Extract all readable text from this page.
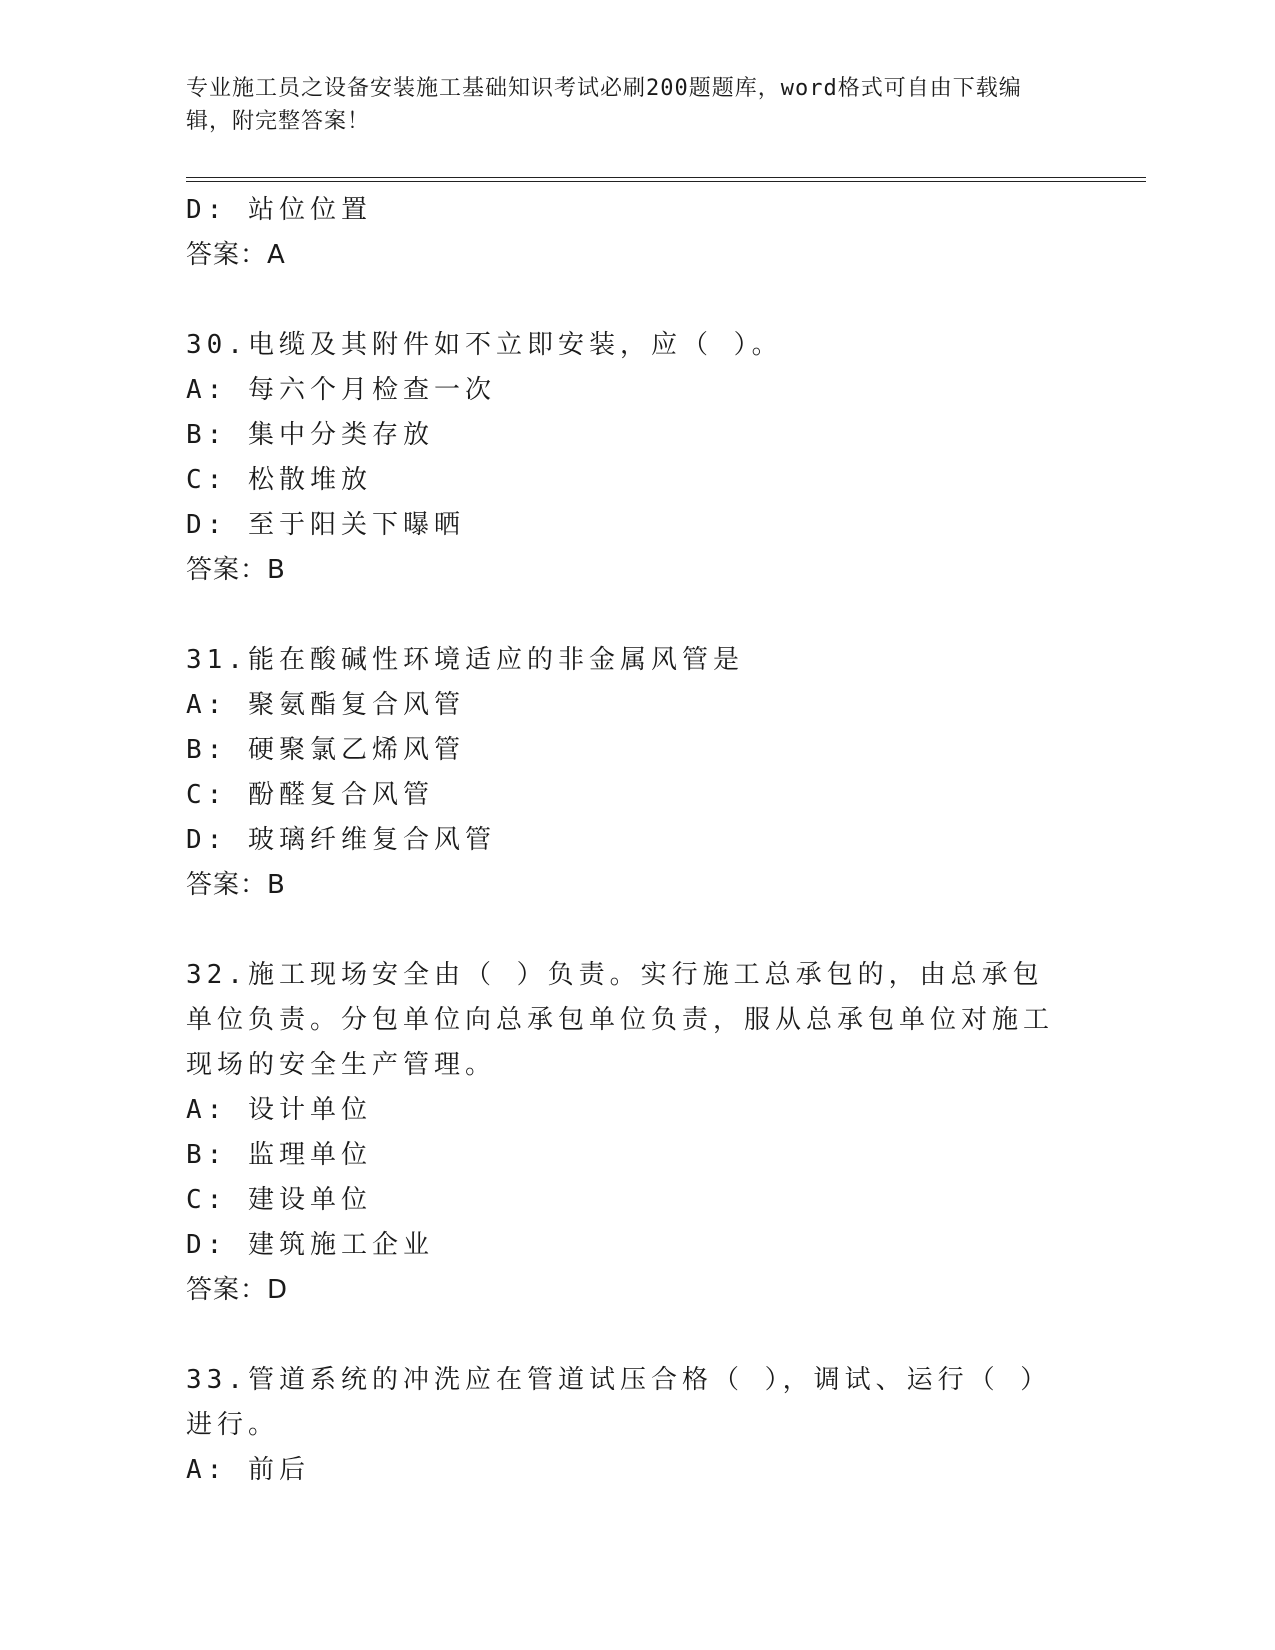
专业施工员之设备安装施工基础知识考试必刷200题题库，word格式可自由下载编辑，附完整答案！
D: 站位位置
答案：A
30.电缆及其附件如不立即安装，应（ ）。
A: 每六个月检查一次
B: 集中分类存放
C: 松散堆放
D: 至于阳关下曝晒
答案：B
31.能在酸碱性环境适应的非金属风管是
A: 聚氨酯复合风管
B: 硬聚氯乙烯风管
C: 酚醛复合风管
D: 玻璃纤维复合风管
答案：B
32.施工现场安全由（ ）负责。实行施工总承包的，由总承包单位负责。分包单位向总承包单位负责，服从总承包单位对施工现场的安全生产管理。
A: 设计单位
B: 监理单位
C: 建设单位
D: 建筑施工企业
答案：D
33.管道系统的冲洗应在管道试压合格（ ），调试、运行（ ）进行。
A: 前后
